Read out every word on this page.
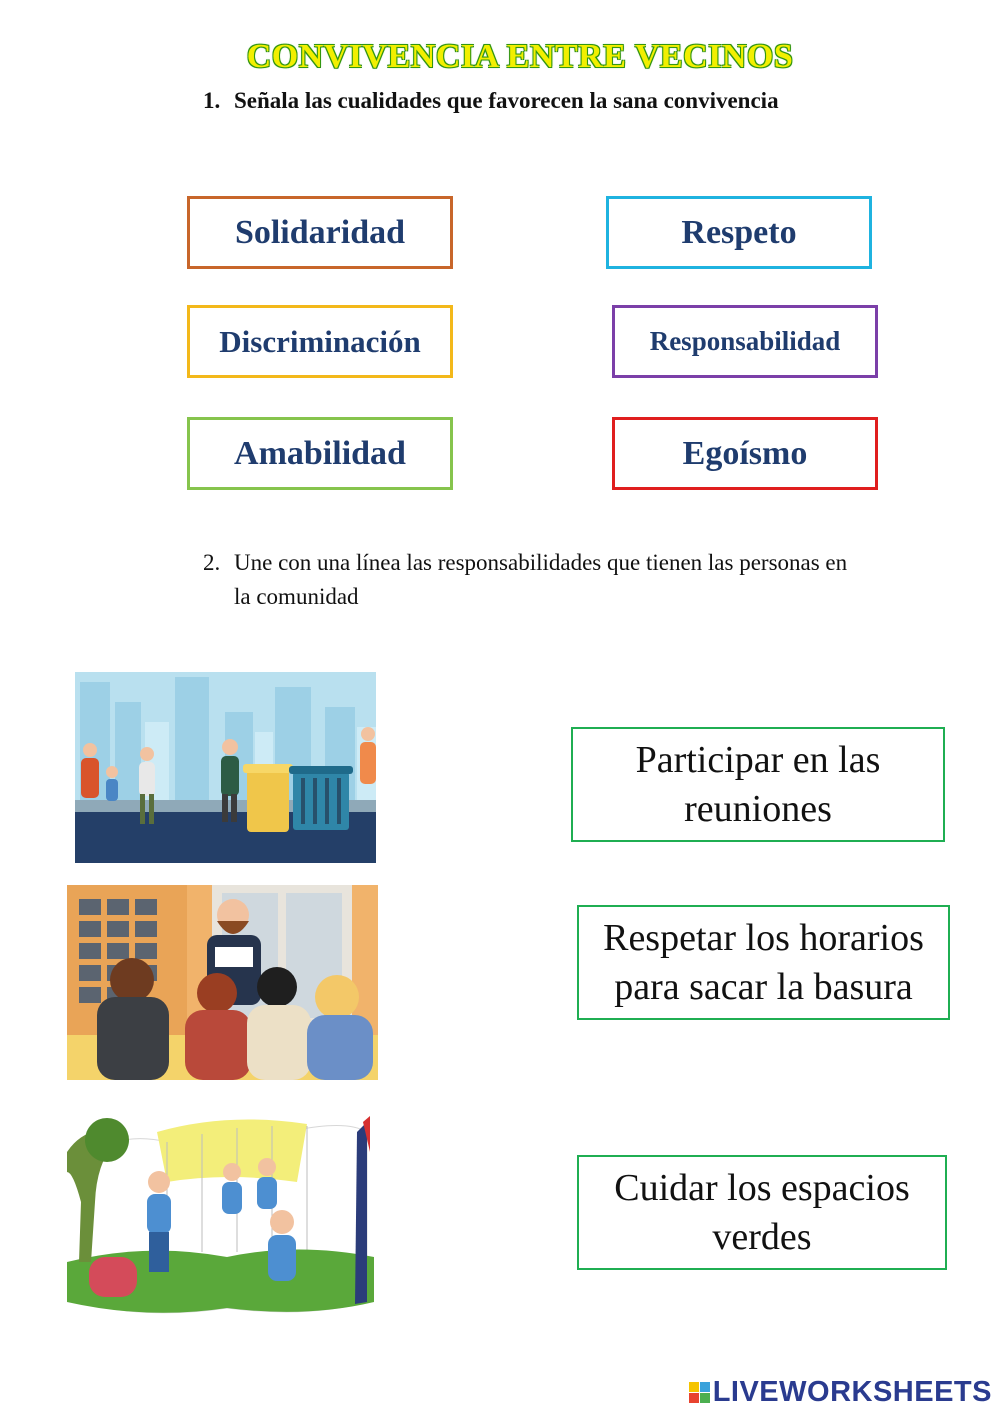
CONVIVENCIA ENTRE VECINOS
1. Señala las cualidades que favorecen la sana convivencia
Solidaridad	Respeto
Discriminación	Responsabilidad
Amabilidad	Egoísmo
2. Une con una línea las responsabilidades que tienen las personas en la comunidad
Participar en las reuniones
Respetar los horarios para sacar la basura
Cuidar los espacios verdes
LIVEWORKSHEETS
